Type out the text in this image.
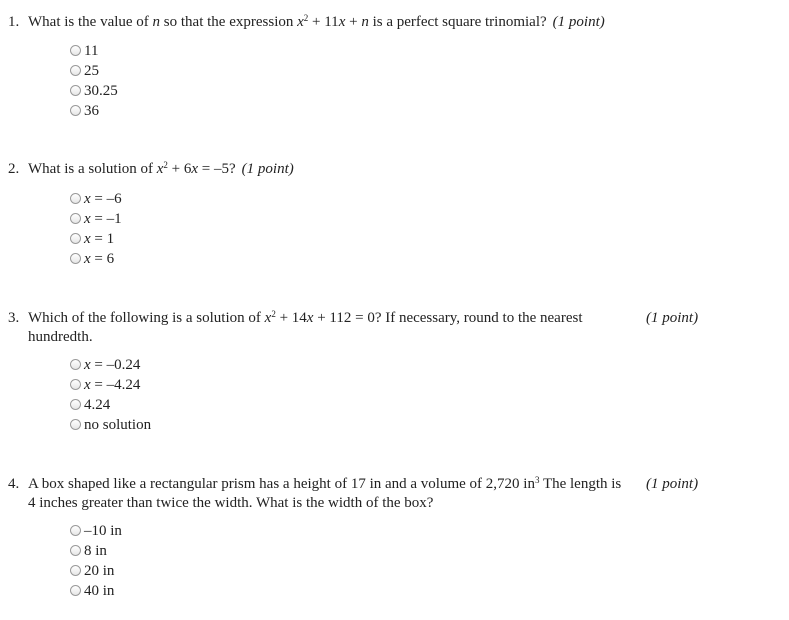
1. What is the value of n so that the expression $x^2 + 11x + n$ is a perfect square trinomial? (1 point)
11
25
30.25
36
2. What is a solution of $x^2 + 6x = -5$? (1 point)
x = –6
x = –1
x = 1
x = 6
3. Which of the following is a solution of $x^2 + 14x + 112 = 0$? If necessary, round to the nearest hundredth.
(1 point)
x = –0.24
x = –4.24
4.24
no solution
4. A box shaped like a rectangular prism has a height of 17 in and a volume of 2,720 $in^3$ The length is 4 inches greater than twice the width. What is the width of the box?
(1 point)
–10 in
8 in
20 in
40 in
